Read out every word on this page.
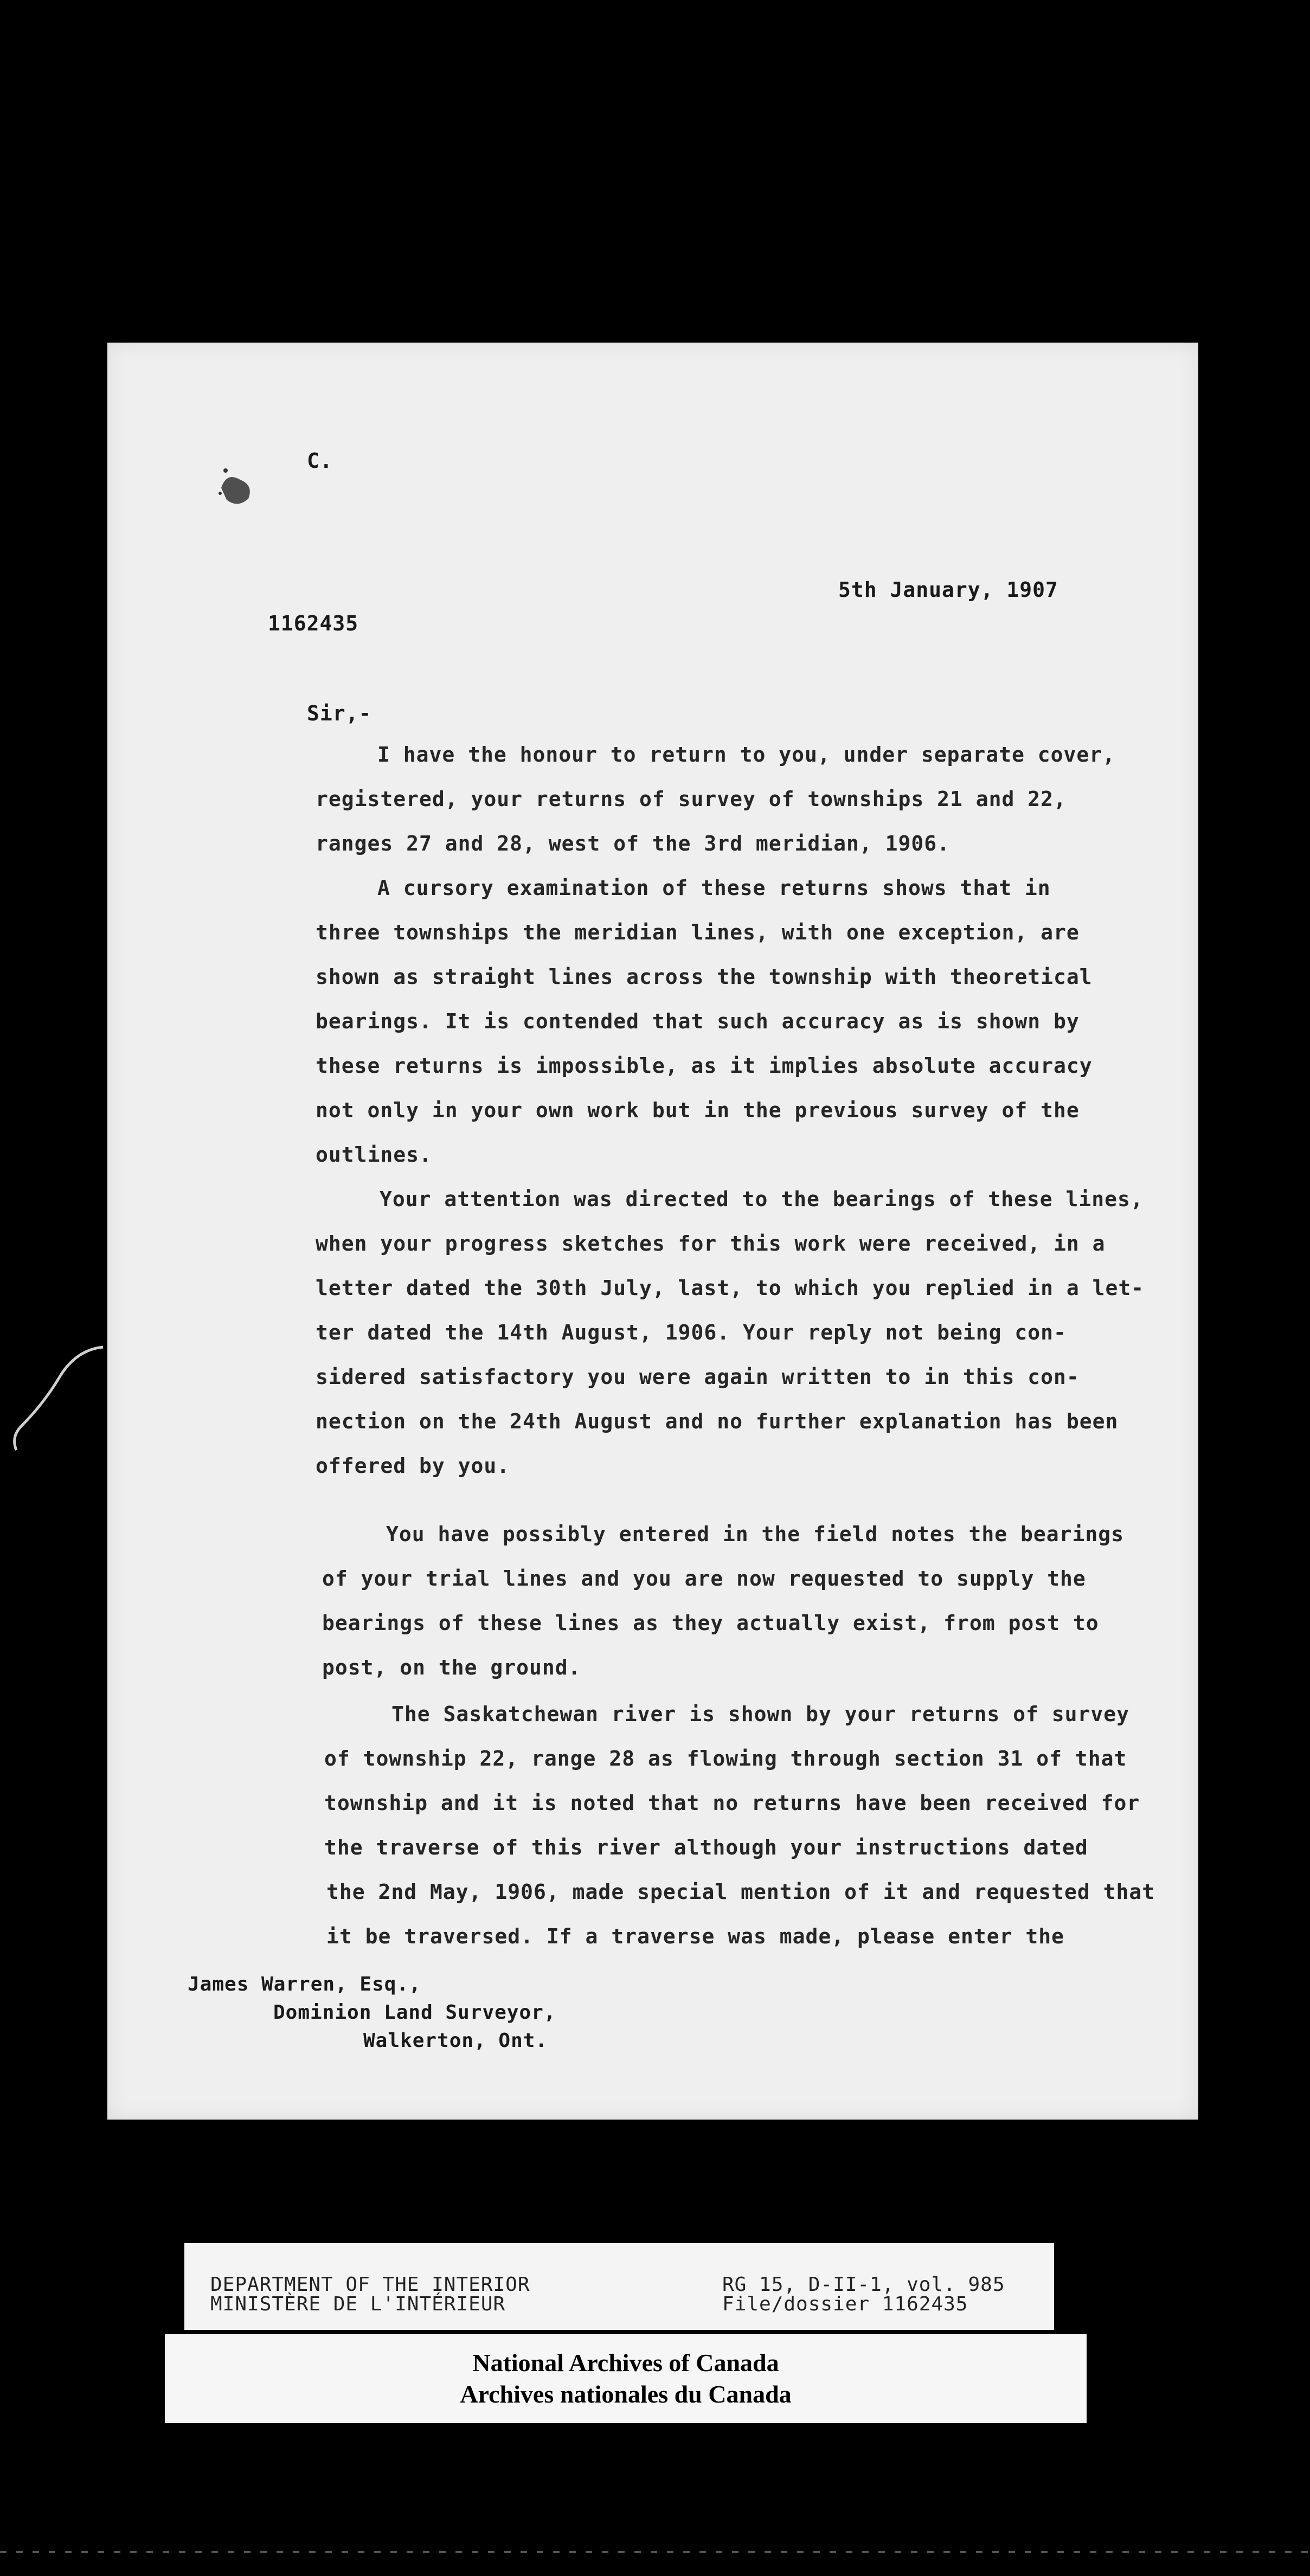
C.
5th January, 1907
1162435
Sir,-
I have the honour to return to you, under separate cover,
registered, your returns of survey of townships 21 and 22,
ranges 27 and 28, west of the 3rd meridian, 1906.
A cursory examination of these returns shows that in
three townships the meridian lines, with one exception, are
shown as straight lines across the township with theoretical
bearings. It is contended that such accuracy as is shown by
these returns is impossible, as it implies absolute accuracy
not only in your own work but in the previous survey of the
outlines.
Your attention was directed to the bearings of these lines,
when your progress sketches for this work were received, in a
letter dated the 30th July, last, to which you replied in a let-
ter dated the 14th August, 1906. Your reply not being con-
sidered satisfactory you were again written to in this con-
nection on the 24th August and no further explanation has been
offered by you.
You have possibly entered in the field notes the bearings
of your trial lines and you are now requested to supply the
bearings of these lines as they actually exist, from post to
post, on the ground.
The Saskatchewan river is shown by your returns of survey
of township 22, range 28 as flowing through section 31 of that
township and it is noted that no returns have been received for
the traverse of this river although your instructions dated
the 2nd May, 1906, made special mention of it and requested that
it be traversed. If a traverse was made, please enter the
James Warren, Esq.,
Dominion Land Surveyor,
Walkerton, Ont.
DEPARTMENT OF THE INTERIOR
MINISTÈRE DE L'INTÉRIEUR
RG 15, D-II-1, vol. 985
File/dossier 1162435
National Archives of Canada
Archives nationales du Canada
